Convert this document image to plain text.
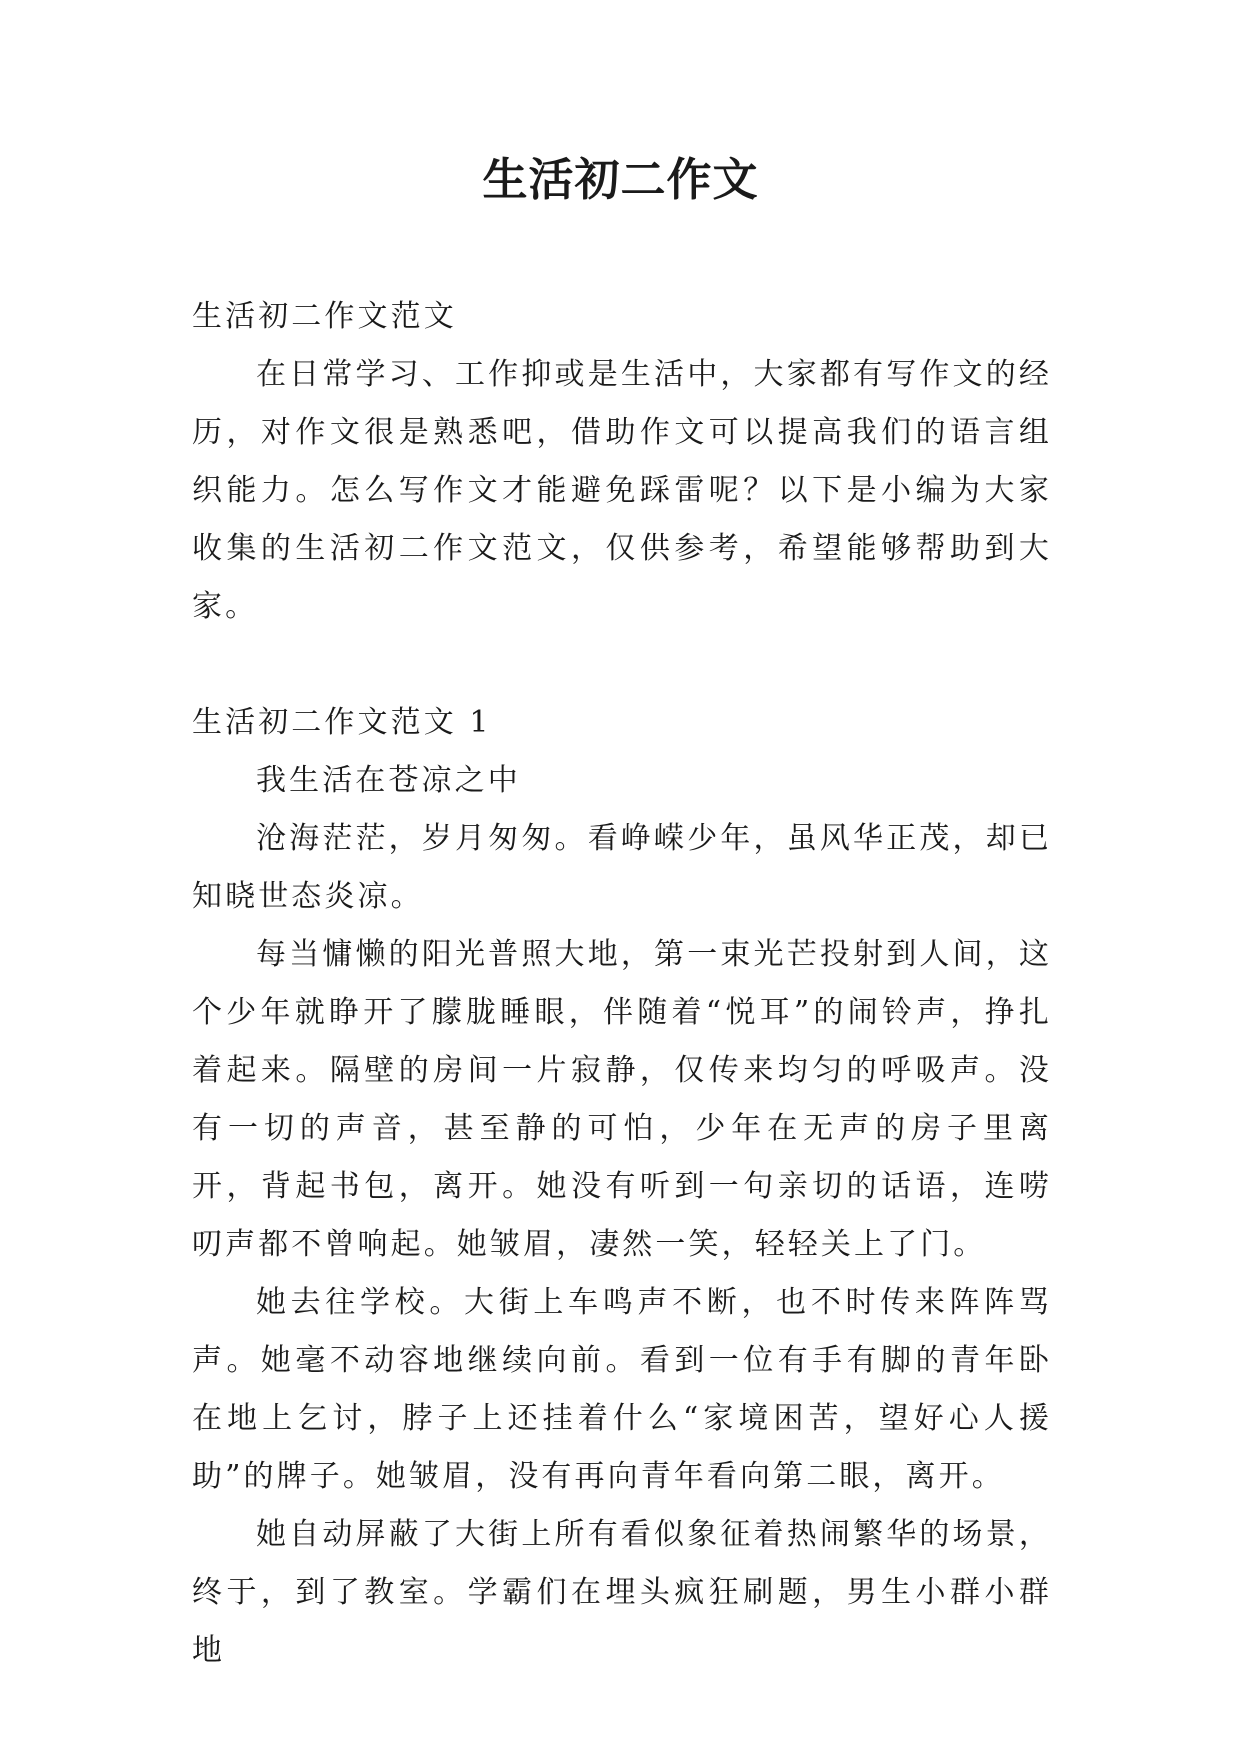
生活初二作文

生活初二作文范文

在日常学习、工作抑或是生活中，大家都有写作文的经历，对作文很是熟悉吧，借助作文可以提高我们的语言组织能力。怎么写作文才能避免踩雷呢？以下是小编为大家收集的生活初二作文范文，仅供参考，希望能够帮助到大家。

生活初二作文范文 1

我生活在苍凉之中

沧海茫茫，岁月匆匆。看峥嵘少年，虽风华正茂，却已知晓世态炎凉。

每当慵懒的阳光普照大地，第一束光芒投射到人间，这个少年就睁开了朦胧睡眼，伴随着“悦耳”的闹铃声，挣扎着起来。隔壁的房间一片寂静，仅传来均匀的呼吸声。没有一切的声音，甚至静的可怕，少年在无声的房子里离开，背起书包，离开。她没有听到一句亲切的话语，连唠叨声都不曾响起。她皱眉，凄然一笑，轻轻关上了门。

她去往学校。大街上车鸣声不断，也不时传来阵阵骂声。她毫不动容地继续向前。看到一位有手有脚的青年卧在地上乞讨，脖子上还挂着什么“家境困苦，望好心人援助”的牌子。她皱眉，没有再向青年看向第二眼，离开。

她自动屏蔽了大街上所有看似象征着热闹繁华的场景，终于，到了教室。学霸们在埋头疯狂刷题，男生小群小群地
